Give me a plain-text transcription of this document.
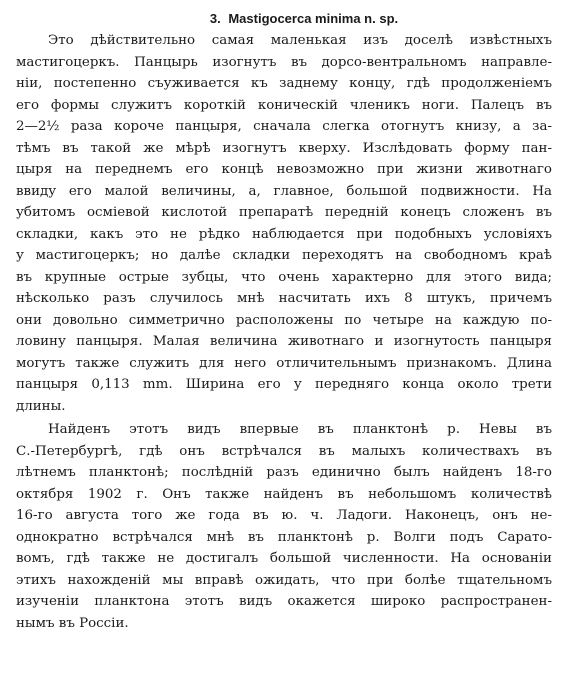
3. Mastigocerca minima n. sp.
Это дѣйствительно самая маленькая изъ доселѣ извѣстныхъ
мастигоцеркъ. Панцырь изогнутъ въ дорсо-вентральномъ направле-
ніи, постепенно съуживается къ заднему концу, гдѣ продолженіемъ
его формы служитъ короткій коническій членикъ ноги. Палецъ въ
2—2½ раза короче панцыря, сначала слегка отогнутъ книзу, а за-
тѣмъ въ такой же мѣрѣ изогнутъ кверху. Изслѣдовать форму пан-
цыря на переднемъ его концѣ невозможно при жизни животнаго
ввиду его малой величины, а, главное, большой подвижности. На
убитомъ осміевой кислотой препаратѣ передній конецъ сложенъ въ
складки, какъ это не рѣдко наблюдается при подобныхъ условіяхъ
у мастигоцеркъ; но далѣе складки переходятъ на свободномъ краѣ
въ крупные острые зубцы, что очень характерно для этого вида;
нѣсколько разъ случилось мнѣ насчитать ихъ 8 штукъ, причемъ
они довольно симметрично расположены по четыре на каждую по-
ловину панцыря. Малая величина животнаго и изогнутость панцыря
могутъ также служить для него отличительнымъ признакомъ. Длина
панцыря 0,113 mm. Ширина его у передняго конца около трети
длины.
Найденъ этотъ видъ впервые въ планктонѣ р. Невы въ
С.-Петербургѣ, гдѣ онъ встрѣчался въ малыхъ количествахъ въ
лѣтнемъ планктонѣ; послѣдній разъ единично былъ найденъ 18-го
октября 1902 г. Онъ также найденъ въ небольшомъ количествѣ
16-го августа того же года въ ю. ч. Ладоги. Наконецъ, онъ не-
однократно встрѣчался мнѣ въ планктонѣ р. Волги подъ Сарато-
вомъ, гдѣ также не достигалъ большой численности. На основаніи
этихъ нахожденій мы вправѣ ожидать, что при болѣе тщательномъ
изученіи планктона этотъ видъ окажется широко распространен-
нымъ въ Россіи.
